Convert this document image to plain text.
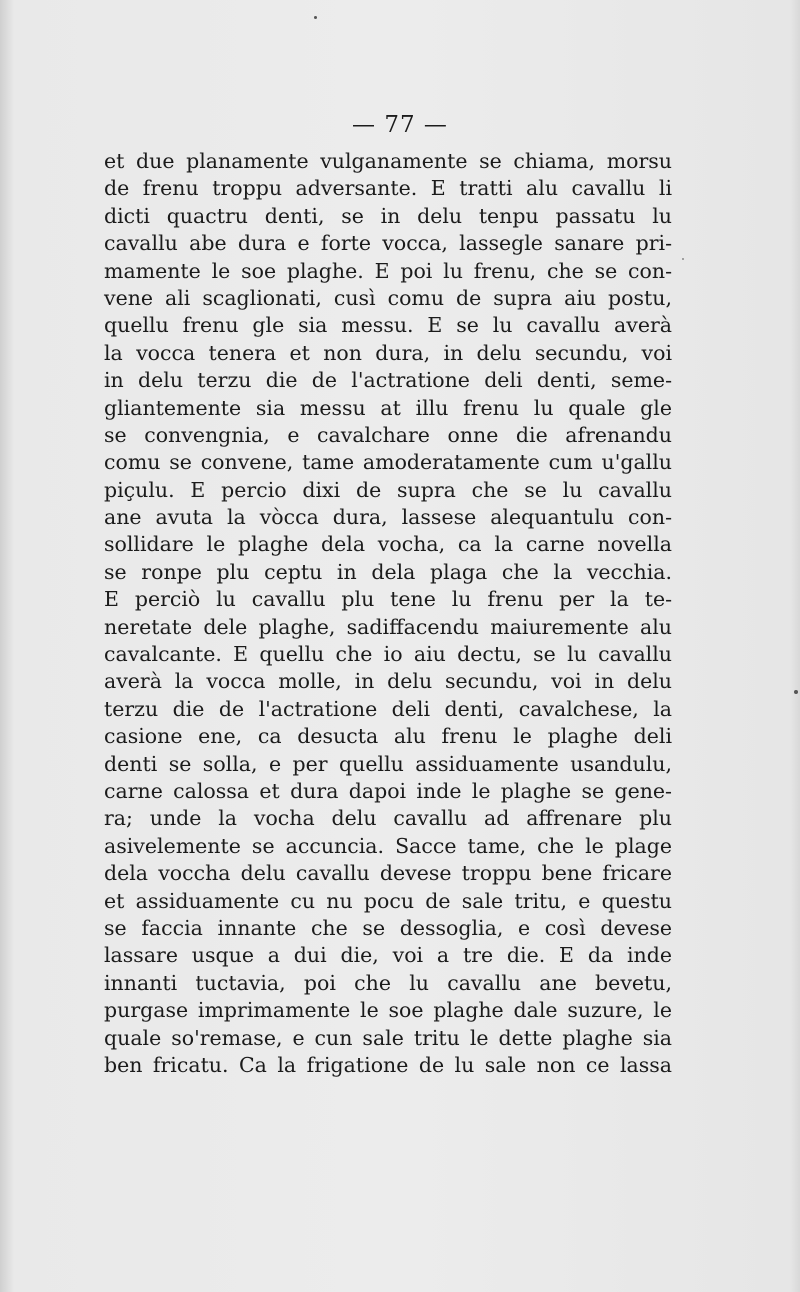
— 77 —
et due planamente vulganamente se chiama, morsu
de frenu troppu adversante. E tratti alu cavallu li
dicti quactru denti, se in delu tenpu passatu lu
cavallu abe dura e forte vocca, lassegle sanare pri-
mamente le soe plaghe. E poi lu frenu, che se con-
vene ali scaglionati, cusì comu de supra aiu postu,
quellu frenu gle sia messu. E se lu cavallu averà
la vocca tenera et non dura, in delu secundu, voi
in delu terzu die de l'actratione deli denti, seme-
gliantemente sia messu at illu frenu lu quale gle
se convengnia, e cavalchare onne die afrenandu
comu se convene, tame amoderatamente cum u'gallu
piçulu. E percio dixi de supra che se lu cavallu
ane avuta la vòcca dura, lassese alequantulu con-
sollidare le plaghe dela vocha, ca la carne novella
se ronpe plu ceptu in dela plaga che la vecchia.
E perciò lu cavallu plu tene lu frenu per la te-
neretate dele plaghe, sadiffacendu maiuremente alu
cavalcante. E quellu che io aiu dectu, se lu cavallu
averà la vocca molle, in delu secundu, voi in delu
terzu die de l'actratione deli denti, cavalchese, la
casione ene, ca desucta alu frenu le plaghe deli
denti se solla, e per quellu assiduamente usandulu,
carne calossa et dura dapoi inde le plaghe se gene-
ra; unde la vocha delu cavallu ad affrenare plu
asivelemente se accuncia. Sacce tame, che le plage
dela voccha delu cavallu devese troppu bene fricare
et assiduamente cu nu pocu de sale tritu, e questu
se faccia innante che se dessoglia, e così devese
lassare usque a dui die, voi a tre die. E da inde
innanti tuctavia, poi che lu cavallu ane bevetu,
purgase imprimamente le soe plaghe dale suzure, le
quale so'remase, e cun sale tritu le dette plaghe sia
ben fricatu. Ca la frigatione de lu sale non ce lassa
